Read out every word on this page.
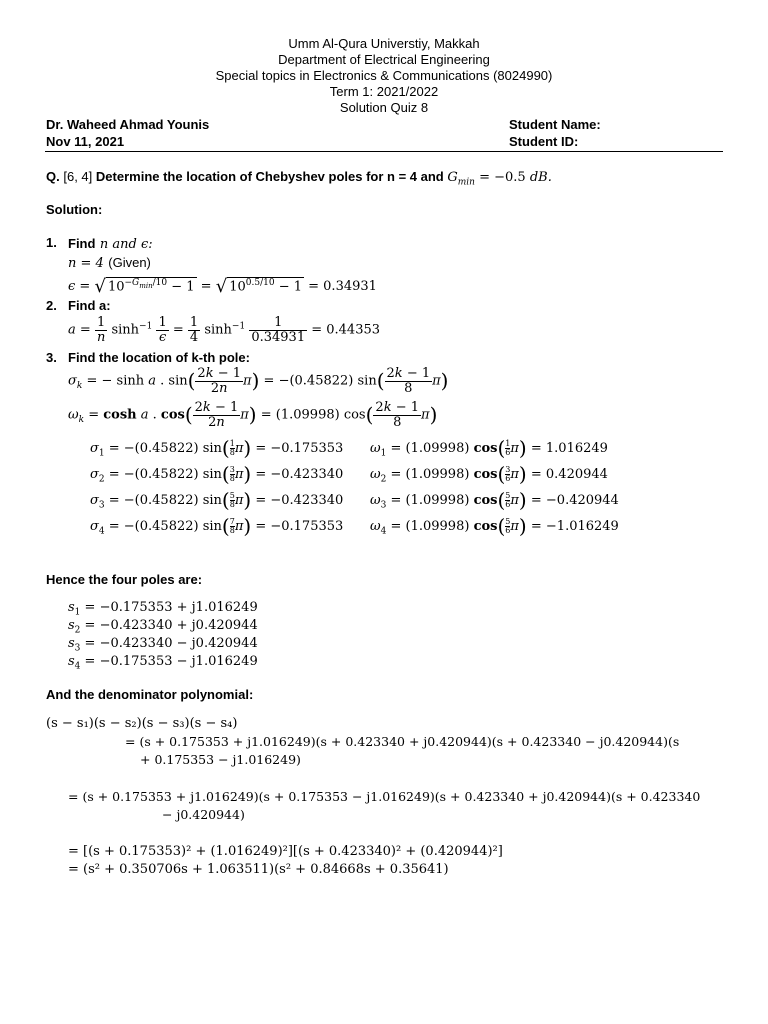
Umm Al-Qura Universtiy, Makkah
Department of Electrical Engineering
Special topics in Electronics & Communications (8024990)
Term 1: 2021/2022
Solution Quiz 8
Dr. Waheed Ahmad Younis
Nov 11, 2021
Student Name:
Student ID:
Q. [6, 4] Determine the location of Chebyshev poles for n = 4 and $G_{min} = -0.5$ dB.
Solution:
1. Find n and ϵ:
n = 4 (Given)
ϵ = √ $10^{-G_{min}/10} - 1$ = √ $10^{0.5/10} - 1 = 0.34931$
2. Find a:
$a = \frac{1}{n} \sinh^{-1} \frac{1}{\epsilon} = \frac{1}{4} \sinh^{-1} \frac{1}{0.34931} = 0.44353$
3. Find the location of k-th pole:
$\sigma_k$ = − sinh a . $\sin( \frac{2k - 1}{2n} \pi) = -(0.45822)$ $\sin( \frac{2k - 1}{8} \pi)$
$\omega_k = \cosh a$ . $\cos( \frac{2k - 1}{2n} \pi) = (1.09998)$ $\cos( \frac{2k - 1}{8} \pi)$
$\sigma_1 = -(0.45822)$ $\sin( \frac{1}{8} \pi) = -0.175353$
$\sigma_2 = -(0.45822)$ $\sin( \frac{3}{8} \pi) = -0.423340$
$\sigma_3 = -(0.45822)$ $\sin( \frac{5}{8} \pi) = -0.423340$
$\sigma_4 = -(0.45822)$ $\sin( \frac{7}{8} \pi) = -0.175353$
$\omega_1 = (1.09998)$ $\cos( \frac{1}{6} \pi) = 1.016249$
$\omega_2 = (1.09998)$ $\cos( \frac{3}{6} \pi) = 0.420944$
$\omega_3 = (1.09998)$ $\cos( \frac{5}{6} \pi) = -0.420944$
$\omega_4 = (1.09998)$ $\cos( \frac{5}{6} \pi) = -1.016249$
Hence the four poles are:
$s_1 = -0.175353 + j1.016249$
$s_2 = -0.423340 + j0.420944$
$s_3 = -0.423340 - j0.420944$
$s_4 = -0.175353 - j1.016249$
And the denominator polynomial:
(s − s₁)(s − s₂)(s − s₃)(s − s₄)
= (s + 0.175353 + j1.016249)(s + 0.423340 + j0.420944)(s + 0.423340 − j0.420944)(s
+ 0.175353 − j1.016249)
= (s + 0.175353 + j1.016249)(s + 0.175353 − j1.016249)(s + 0.423340 + j0.420944)(s + 0.423340
− j0.420944)
= [(s + 0.175353)² + (1.016249)²][(s + 0.423340)² + (0.420944)²]
= (s² + 0.350706s + 1.063511)(s² + 0.84668s + 0.35641)
